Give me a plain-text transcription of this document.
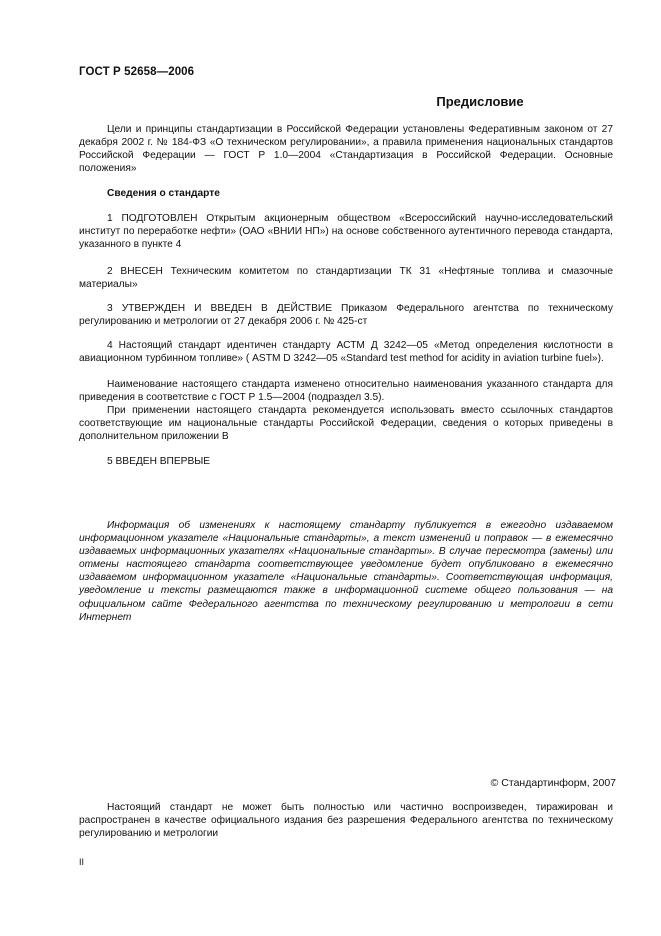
ГОСТ Р 52658—2006
Предисловие
Цели и принципы стандартизации в Российской Федерации установлены Федеративным законом от 27 декабря 2002 г. № 184-ФЗ «О техническом регулировании», а правила применения национальных стандартов Российской Федерации — ГОСТ Р 1.0—2004 «Стандартизация в Российской Федерации. Основные положения»
Сведения о стандарте
1 ПОДГОТОВЛЕН Открытым акционерным обществом «Всероссийский научно-исследовательский институт по переработке нефти» (ОАО «ВНИИ НП») на основе собственного аутентичного перевода стандарта, указанного в пункте 4
2 ВНЕСЕН Техническим комитетом по стандартизации ТК 31 «Нефтяные топлива и смазочные материалы»
3 УТВЕРЖДЕН И ВВЕДЕН В ДЕЙСТВИЕ Приказом Федерального агентства по техническому регулированию и метрологии от 27 декабря 2006 г. № 425-ст
4 Настоящий стандарт идентичен стандарту АСТМ Д 3242—05 «Метод определения кислотности в авиационном турбинном топливе» ( ASTM D 3242—05 «Standard test method for acidity in aviation turbine fuel»).
Наименование настоящего стандарта изменено относительно наименования указанного стандарта для приведения в соответствие с ГОСТ Р 1.5—2004 (подраздел 3.5).
При применении настоящего стандарта рекомендуется использовать вместо ссылочных стандартов соответствующие им национальные стандарты Российской Федерации, сведения о которых приведены в дополнительном приложении В
5 ВВЕДЕН ВПЕРВЫЕ
Информация об изменениях к настоящему стандарту публикуется в ежегодно издаваемом информационном указателе «Национальные стандарты», а текст изменений и поправок — в ежемесячно издаваемых информационных указателях «Национальные стандарты». В случае пересмотра (замены) или отмены настоящего стандарта соответствующее уведомление будет опубликовано в ежемесячно издаваемом информационном указателе «Национальные стандарты». Соответствующая информация, уведомление и тексты размещаются также в информационной системе общего пользования — на официальном сайте Федерального агентства по техническому регулированию и метрологии в сети Интернет
© Стандартинформ, 2007
Настоящий стандарт не может быть полностью или частично воспроизведен, тиражирован и распространен в качестве официального издания без разрешения Федерального агентства по техническому регулированию и метрологии
II
